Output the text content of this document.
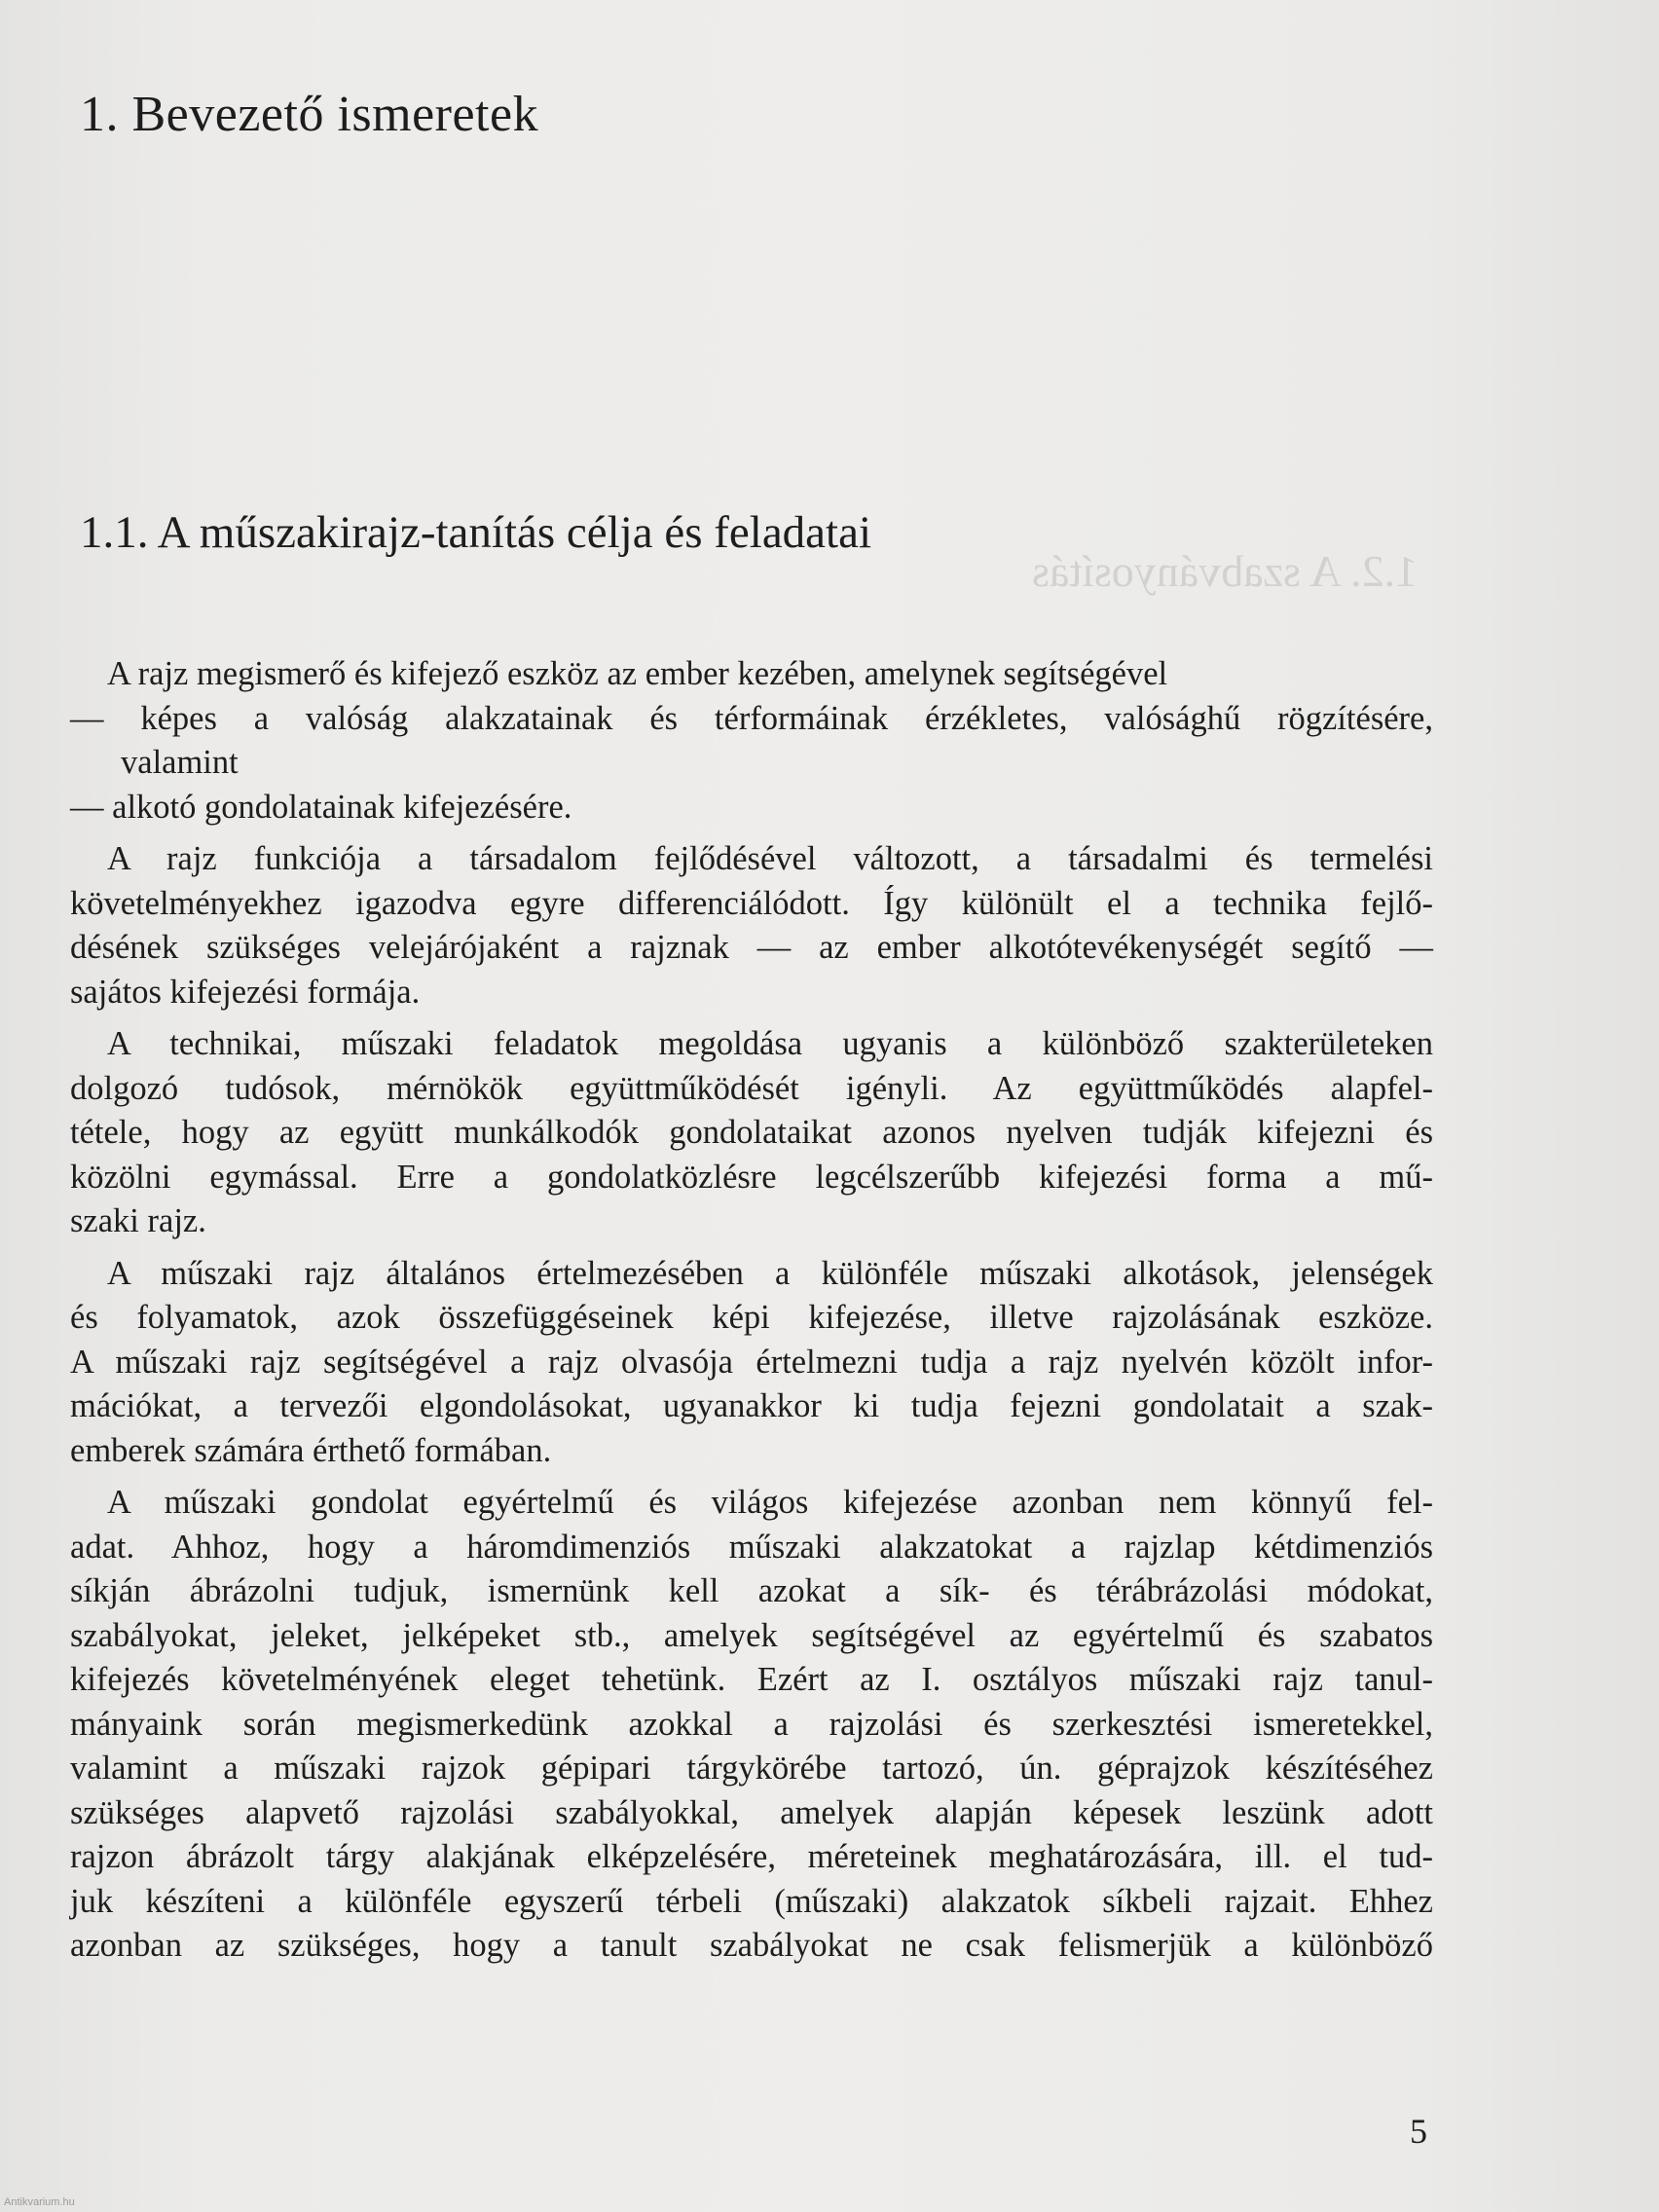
1.2. A szabványosítás
1. Bevezető ismeretek
1.1. A műszakirajz-tanítás célja és feladatai
A rajz megismerő és kifejező eszköz az ember kezében, amelynek segítségével
— képes a valóság alakzatainak és térformáinak érzékletes, valósághű rögzítésére,
valamint
— alkotó gondolatainak kifejezésére.
A rajz funkciója a társadalom fejlődésével változott, a társadalmi és termelési
követelményekhez igazodva egyre differenciálódott. Így különült el a technika fejlő-
désének szükséges velejárójaként a rajznak — az ember alkotótevékenységét segítő —
sajátos kifejezési formája.
A technikai, műszaki feladatok megoldása ugyanis a különböző szakterületeken
dolgozó tudósok, mérnökök együttműködését igényli. Az együttműködés alapfel-
tétele, hogy az együtt munkálkodók gondolataikat azonos nyelven tudják kifejezni és
közölni egymással. Erre a gondolatközlésre legcélszerűbb kifejezési forma a mű-
szaki rajz.
A műszaki rajz általános értelmezésében a különféle műszaki alkotások, jelenségek
és folyamatok, azok összefüggéseinek képi kifejezése, illetve rajzolásának eszköze.
A műszaki rajz segítségével a rajz olvasója értelmezni tudja a rajz nyelvén közölt infor-
mációkat, a tervezői elgondolásokat, ugyanakkor ki tudja fejezni gondolatait a szak-
emberek számára érthető formában.
A műszaki gondolat egyértelmű és világos kifejezése azonban nem könnyű fel-
adat. Ahhoz, hogy a háromdimenziós műszaki alakzatokat a rajzlap kétdimenziós
síkján ábrázolni tudjuk, ismernünk kell azokat a sík- és térábrázolási módokat,
szabályokat, jeleket, jelképeket stb., amelyek segítségével az egyértelmű és szabatos
kifejezés követelményének eleget tehetünk. Ezért az I. osztályos műszaki rajz tanul-
mányaink során megismerkedünk azokkal a rajzolási és szerkesztési ismeretekkel,
valamint a műszaki rajzok gépipari tárgykörébe tartozó, ún. géprajzok készítéséhez
szükséges alapvető rajzolási szabályokkal, amelyek alapján képesek leszünk adott
rajzon ábrázolt tárgy alakjának elképzelésére, méreteinek meghatározására, ill. el tud-
juk készíteni a különféle egyszerű térbeli (műszaki) alakzatok síkbeli rajzait. Ehhez
azonban az szükséges, hogy a tanult szabályokat ne csak felismerjük a különböző
5
Antikvarium.hu
